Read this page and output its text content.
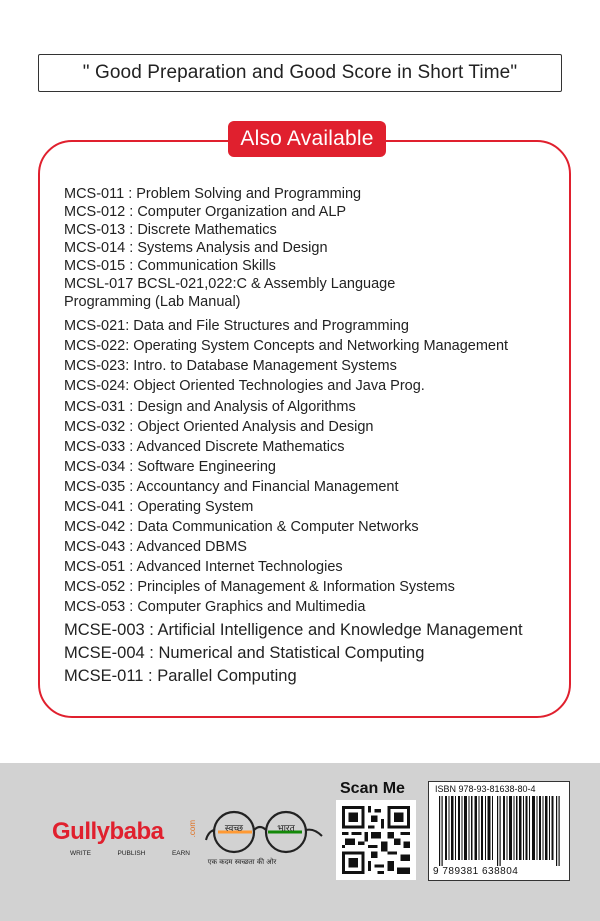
" Good Preparation and Good Score in Short Time"
Also Available
MCS-011 : Problem Solving and Programming
MCS-012 : Computer Organization and ALP
MCS-013 : Discrete Mathematics
MCS-014 : Systems Analysis and Design
MCS-015 : Communication Skills
MCSL-017 BCSL-021,022:C & Assembly Language
Programming (Lab Manual)
MCS-021: Data and File Structures and Programming
MCS-022: Operating System Concepts and Networking Management
MCS-023: Intro. to Database Management Systems
MCS-024: Object Oriented Technologies and Java Prog.
MCS-031 : Design and Analysis of Algorithms
MCS-032 : Object Oriented Analysis and Design
MCS-033 : Advanced Discrete Mathematics
MCS-034 : Software Engineering
MCS-035 : Accountancy and Financial Management
MCS-041 : Operating System
MCS-042 : Data Communication & Computer Networks
MCS-043 : Advanced DBMS
MCS-051 : Advanced Internet Technologies
MCS-052 : Principles of Management & Information Systems
MCS-053 : Computer Graphics and Multimedia
MCSE-003 : Artificial Intelligence and Knowledge Management
MCSE-004 : Numerical and Statistical Computing
MCSE-011 : Parallel Computing
Gullybaba	.com
WRITE	PUBLISH	EARN
स्वच्छ	भारत
एक कदम स्वच्छता की ओर
Scan Me	ISBN 978-93-81638-80-4
9 789381 638804
